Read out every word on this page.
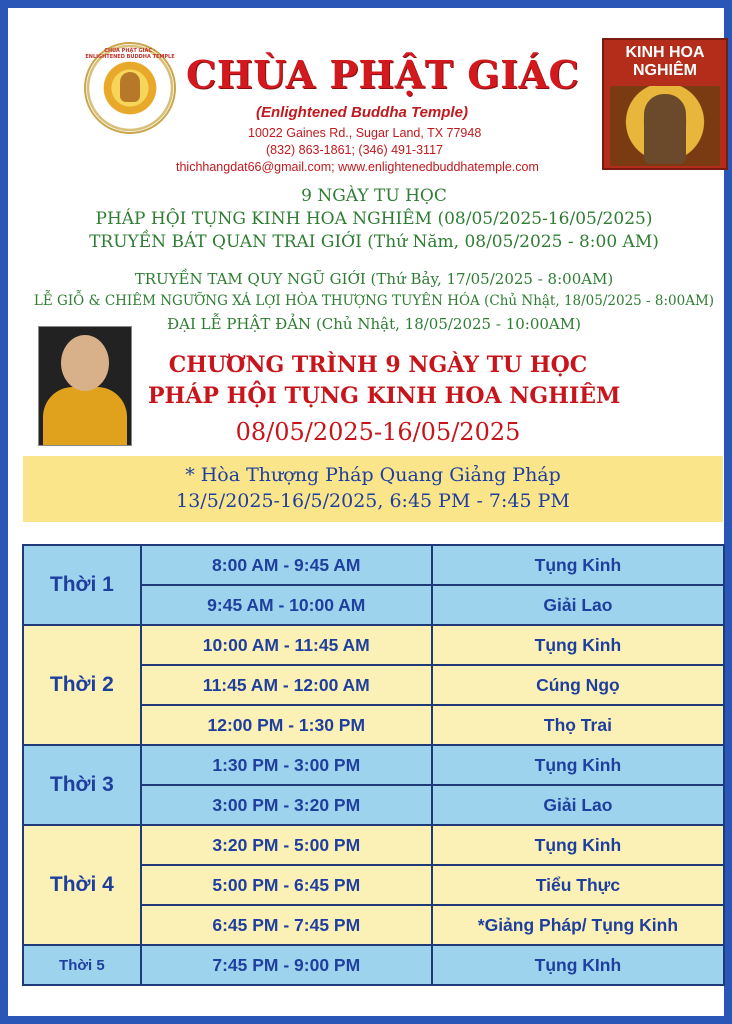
CHÙA PHẬT GIÁC · ENLIGHTENED BUDDHA TEMPLE CHÙA PHẬT GIÁC
(Enlightened Buddha Temple)
10022 Gaines Rd., Sugar Land, TX 77948
(832) 863-1861; (346) 491-3117
thichhangdat66@gmail.com; www.enlightenedbuddhatemple.com
KINH HOA NGHIÊM
9 NGÀY TU HỌC
PHÁP HỘI TỤNG KINH HOA NGHIÊM (08/05/2025-16/05/2025)
TRUYỀN BÁT QUAN TRAI GIỚI (Thứ Năm, 08/05/2025 - 8:00 AM)
TRUYỀN TAM QUY NGŨ GIỚI (Thứ Bảy, 17/05/2025 - 8:00AM)
LỄ GIỖ & CHIÊM NGƯỠNG XÁ LỢI HÒA THƯỢNG TUYÊN HÓA (Chủ Nhật, 18/05/2025 - 8:00AM)
ĐẠI LỄ PHẬT ĐẢN (Chủ Nhật, 18/05/2025 - 10:00AM)
CHƯƠNG TRÌNH 9 NGÀY TU HỌC
PHÁP HỘI TỤNG KINH HOA NGHIÊM
08/05/2025-16/05/2025
* Hòa Thượng Pháp Quang Giảng Pháp
13/5/2025-16/5/2025, 6:45 PM - 7:45 PM
Thời 1	8:00 AM - 9:45 AM	Tụng Kinh
	9:45 AM - 10:00 AM	Giải Lao
Thời 2	10:00 AM - 11:45 AM	Tụng Kinh
	11:45 AM - 12:00 AM	Cúng Ngọ
	12:00 PM - 1:30 PM	Thọ Trai
Thời 3	1:30 PM - 3:00 PM	Tụng Kinh
	3:00 PM - 3:20 PM	Giải Lao
Thời 4	3:20 PM - 5:00 PM	Tụng Kinh
	5:00 PM - 6:45 PM	Tiểu Thực
	6:45 PM - 7:45 PM	*Giảng Pháp/ Tụng Kinh
Thời 5	7:45 PM - 9:00 PM	Tụng KInh
